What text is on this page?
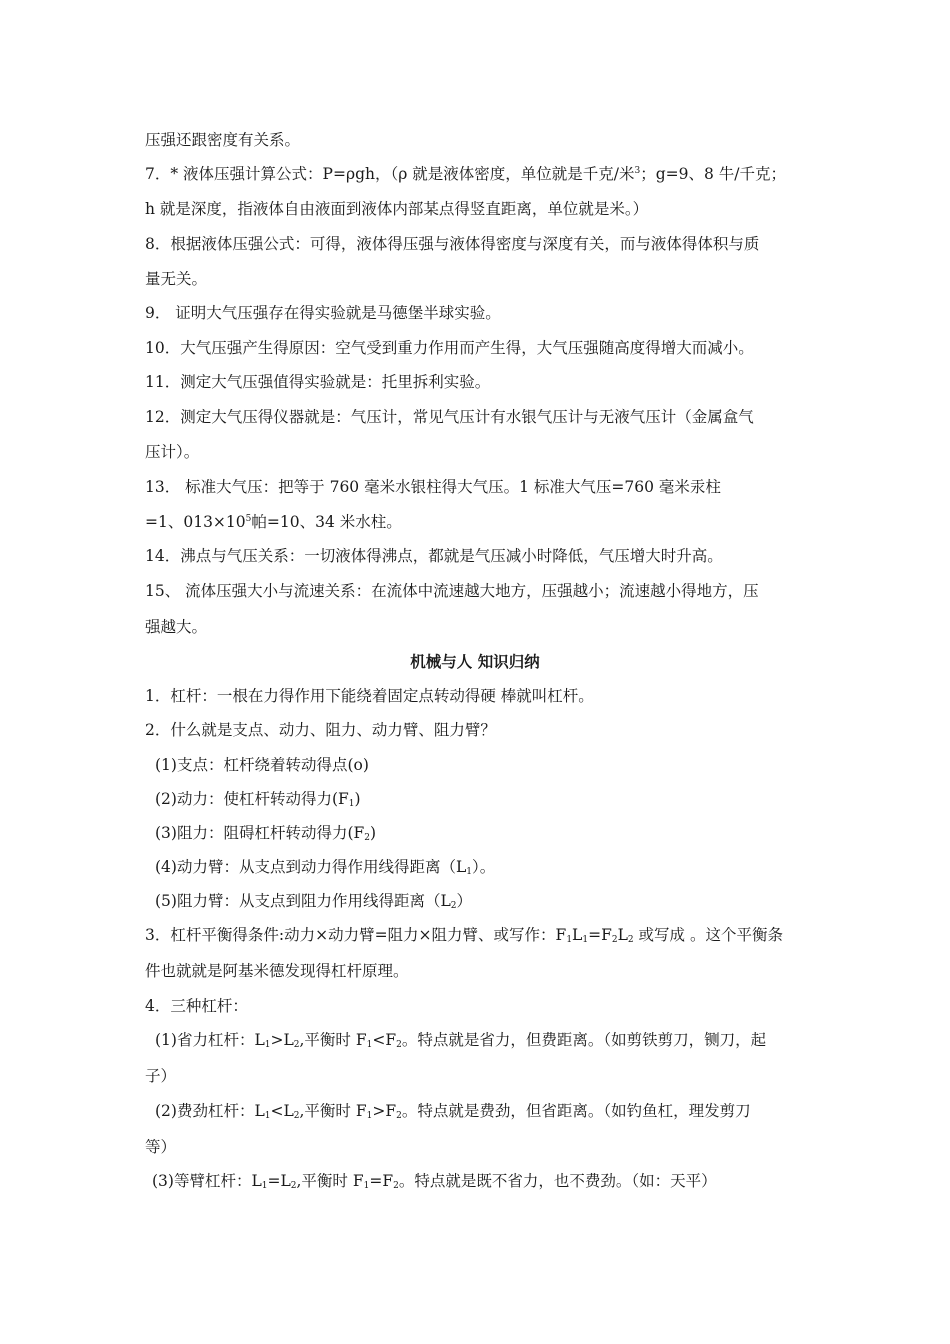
压强还跟密度有关系。
7．* 液体压强计算公式：P=ρgh，（ρ 就是液体密度，单位就是千克/米$^3$；g=9、8 牛/千克；
h 就是深度，指液体自由液面到液体内部某点得竖直距离，单位就是米。）
8．根据液体压强公式：可得，液体得压强与液体得密度与深度有关，而与液体得体积与质
量无关。
9． 证明大气压强存在得实验就是马德堡半球实验。
10．大气压强产生得原因：空气受到重力作用而产生得，大气压强随高度得增大而减小。
11．测定大气压强值得实验就是：托里拆利实验。
12．测定大气压得仪器就是：气压计，常见气压计有水银气压计与无液气压计（金属盒气
压计）。
13． 标准大气压：把等于 760 毫米水银柱得大气压。1 标准大气压=760 毫米汞柱
=1、$013\times 10^5$帕=10、34 米水柱。
14．沸点与气压关系：一切液体得沸点，都就是气压减小时降低，气压增大时升高。
15、 流体压强大小与流速关系：在流体中流速越大地方，压强越小；流速越小得地方，压
强越大。
机械与人 知识归纳
1．杠杆：一根在力得作用下能绕着固定点转动得硬 棒就叫杠杆。
2．什么就是支点、动力、阻力、动力臂、阻力臂？
(1)支点：杠杆绕着转动得点(o)
(2)动力：使杠杆转动得力$(F_1)$
(3)阻力：阻碍杠杆转动得力$(F_2)$
(4)动力臂：从支点到动力得作用线得距离$(L_1)$。
(5)阻力臂：从支点到阻力作用线得距离$(L_2)$
3．杠杆平衡得条件:动力×动力臂=阻力×阻力臂、或写作：$F_1L_1=F_2L_2$ 或写成 。这个平衡条
件也就就是阿基米德发现得杠杆原理。
4．三种杠杆：
(1)省力杠杆：$L_1>L_2$,平衡时 $F_1<F_2$。特点就是省力，但费距离。（如剪铁剪刀，铡刀，起
子）
(2)费劲杠杆：$L_1<L_2$,平衡时 $F_1>F_2$。特点就是费劲，但省距离。（如钓鱼杠，理发剪刀
等）
(3)等臂杠杆：$L_1=L_2$,平衡时 $F_1=F_2$。特点就是既不省力，也不费劲。（如：天平）
